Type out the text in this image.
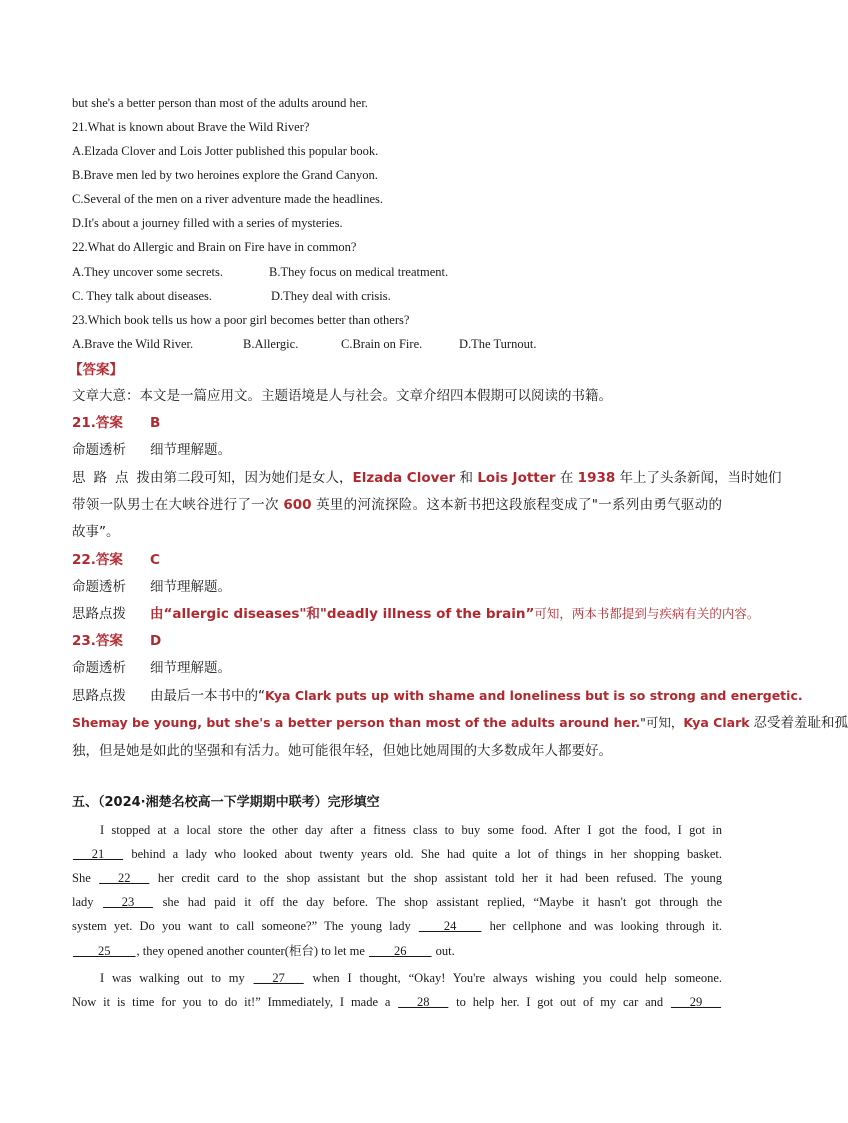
but she's a better person than most of the adults around her.
21.What is known about Brave the Wild River?
A.Elzada Clover and Lois Jotter published this popular book.
B.Brave men led by two heroines explore the Grand Canyon.
C.Several of the men on a river adventure made the headlines.
D.It's about a journey filled with a series of mysteries.
22.What do Allergic and Brain on Fire have in common?
A.They uncover some secrets.	B.They focus on medical treatment.
C. They talk about diseases.	D.They deal with crisis.
23.Which book tells us how a poor girl becomes better than others?
A.Brave the Wild River.	B.Allergic.	C.Brain on Fire.	D.The Turnout.
【答案】
文章大意：本文是一篇应用文。主题语境是人与社会。文章介绍四本假期可以阅读的书籍。
21.答案 B
命题透析 细节理解题。
思路点拨由第二段可知，因为她们是女人，Elzada Clover 和 Lois Jotter 在 1938 年上了头条新闻，当时她们
带领一队男士在大峡谷进行了一次 600 英里的河流探险。这本新书把这段旅程变成了"一系列由勇气驱动的
故事”。
22.答案 C
命题透析 细节理解题。
思路点拨 由“allergic diseases"和"deadly illness of the brain”可知，两本书都提到与疾病有关的内容。
23.答案 D
命题透析 细节理解题。
思路点拨 由最后一本书中的“Kya Clark puts up with shame and loneliness but is so strong and energetic.
Shemay be young, but she's a better person than most of the adults around her."可知，Kya Clark 忍受着羞耻和孤
独，但是她是如此的坚强和有活力。她可能很年轻，但她比她周围的大多数成年人都要好。
五、（2024·湘楚名校高一下学期期中联考）完形填空
I stopped at a local store the other day after a fitness class to buy some food. After I got the food, I got in
___21___ behind a lady who looked about twenty years old. She had quite a lot of things in her shopping basket.
She ___22___ her credit card to the shop assistant but the shop assistant told her it had been refused. The young
lady ___23___ she had paid it off the day before. The shop assistant replied, “Maybe it hasn't got through the
system yet. Do you want to call someone?” The young lady ____24____ her cellphone and was looking through it.
____25____, they opened another counter(柜台) to let me ____26____ out.
I was walking out to my ___27___ when I thought, “Okay! You're always wishing you could help someone.
Now it is time for you to do it!” Immediately, I made a ___28___ to help her. I got out of my car and ___29___
